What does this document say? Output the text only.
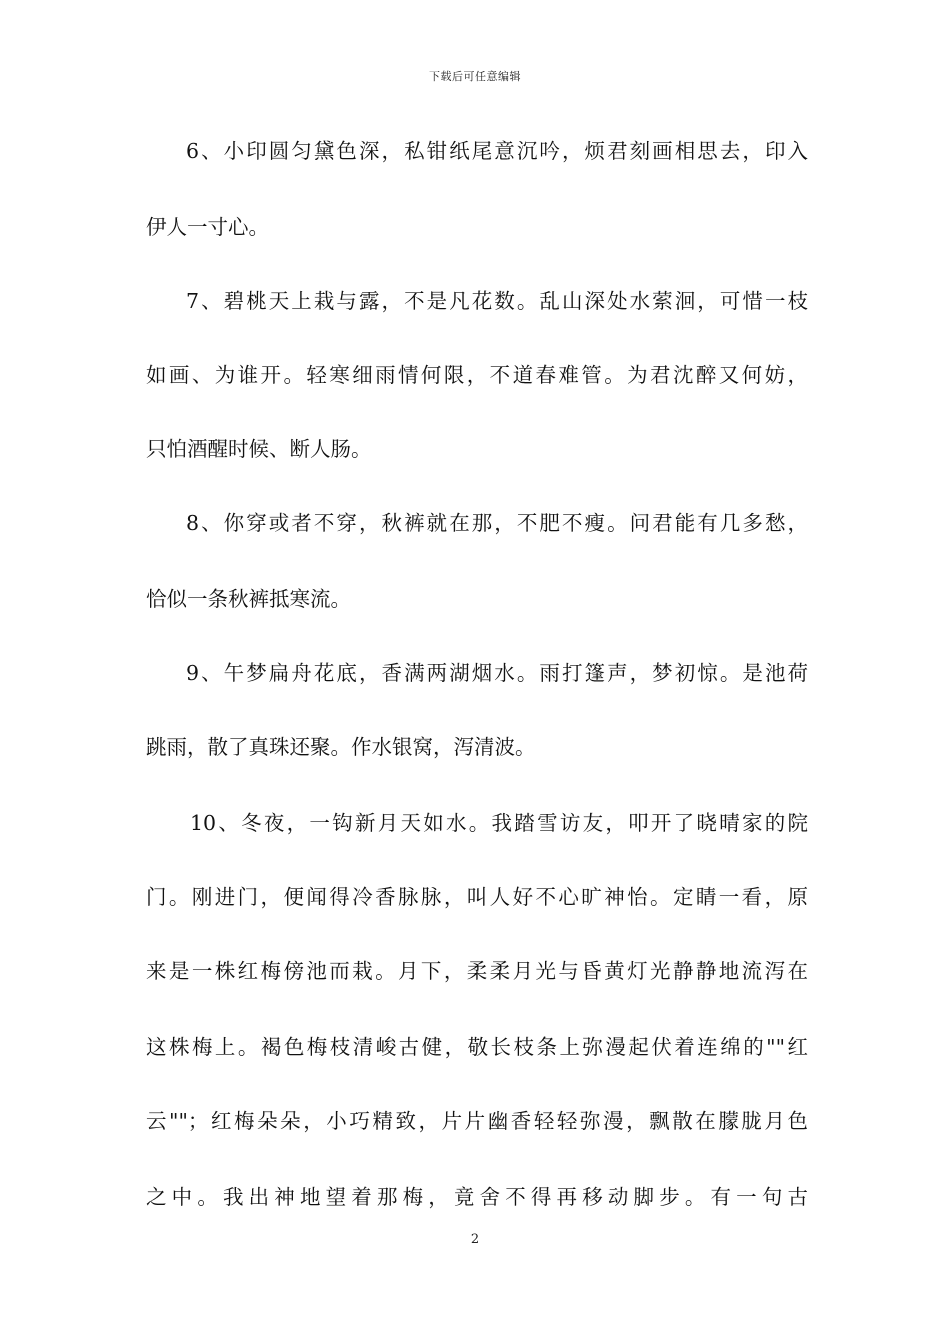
下载后可任意编辑
6、小印圆匀黛色深，私钳纸尾意沉吟，烦君刻画相思去，印入
伊人一寸心。
7、碧桃天上栽与露，不是凡花数。乱山深处水萦洄，可惜一枝
如画、为谁开。轻寒细雨情何限，不道春难管。为君沈醉又何妨，
只怕酒醒时候、断人肠。
8、你穿或者不穿，秋裤就在那，不肥不瘦。问君能有几多愁，
恰似一条秋裤抵寒流。
9、午梦扁舟花底，香满两湖烟水。雨打篷声，梦初惊。是池荷
跳雨，散了真珠还聚。作水银窝，泻清波。
10、冬夜，一钩新月天如水。我踏雪访友，叩开了晓晴家的院
门。刚进门，便闻得冷香脉脉，叫人好不心旷神怡。定睛一看，原
来是一株红梅傍池而栽。月下，柔柔月光与昏黄灯光静静地流泻在
这株梅上。褐色梅枝清峻古健，敬长枝条上弥漫起伏着连绵的""红
云""；红梅朵朵，小巧精致，片片幽香轻轻弥漫，飘散在朦胧月色
之中。我出神地望着那梅，竟舍不得再移动脚步。有一句古
2
